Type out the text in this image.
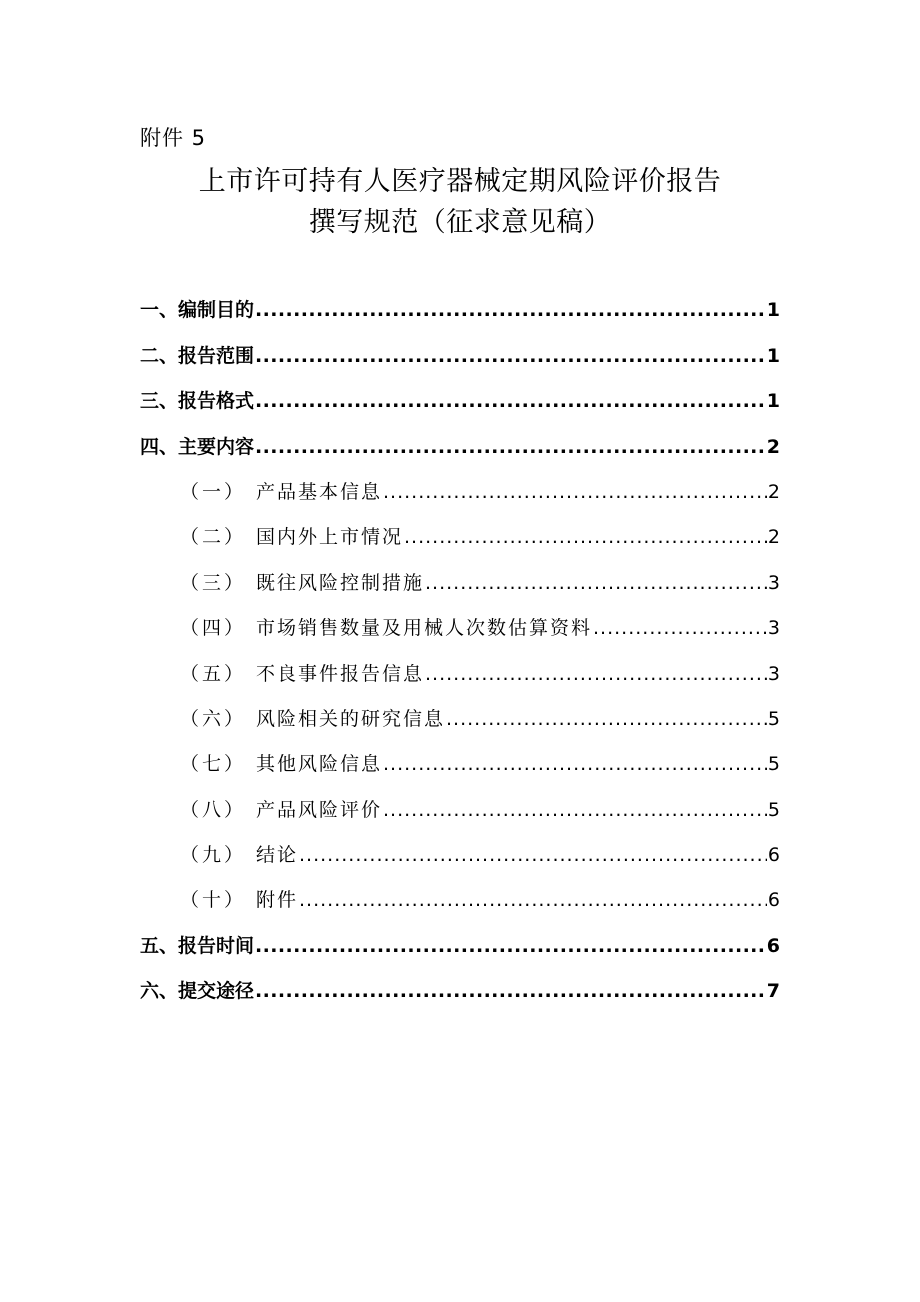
附件 5
上市许可持有人医疗器械定期风险评价报告
撰写规范（征求意见稿）
一、 编制目的 .....	1
二、 报告范围 .....	1
三、 报告格式 .....	1
四、 主要内容 .....	2
（一） 产品基本信息 .....	2
（二） 国内外上市情况 .....	2
（三） 既往风险控制措施 .....	3
（四） 市场销售数量及用械人次数估算资料 .....	3
（五） 不良事件报告信息 .....	3
（六） 风险相关的研究信息 .....	5
（七） 其他风险信息 .....	5
（八） 产品风险评价 .....	5
（九） 结论 .....	6
（十） 附件 .....	6
五、 报告时间 .....	6
六、 提交途径 .....	7
